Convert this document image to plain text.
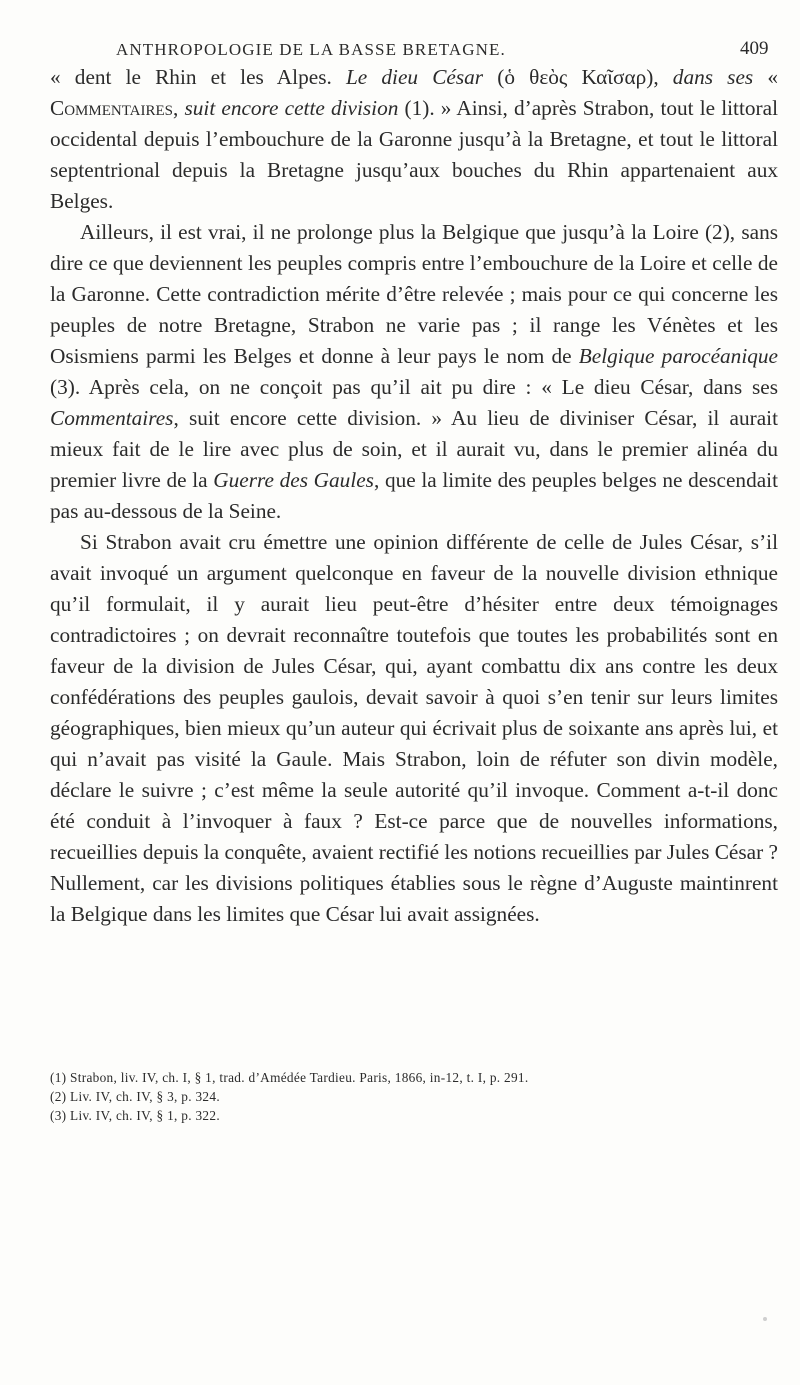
ANTHROPOLOGIE DE LA BASSE BRETAGNE.	409

« dent le Rhin et les Alpes. Le dieu César (ὁ θεὸς Καῖσαρ), dans ses « Commentaires, suit encore cette division (1). » Ainsi, d’après Strabon, tout le littoral occidental depuis l’embouchure de la Garonne jusqu’à la Bretagne, et tout le littoral septentrional depuis la Bretagne jusqu’aux bouches du Rhin appartenaient aux Belges.

Ailleurs, il est vrai, il ne prolonge plus la Belgique que jusqu’à la Loire (2), sans dire ce que deviennent les peuples compris entre l’embouchure de la Loire et celle de la Garonne. Cette contradiction mérite d’être relevée ; mais pour ce qui concerne les peuples de notre Bretagne, Strabon ne varie pas ; il range les Vénètes et les Osismiens parmi les Belges et donne à leur pays le nom de Belgique parocéanique (3). Après cela, on ne conçoit pas qu’il ait pu dire : « Le dieu César, dans ses Commentaires, suit encore cette division. » Au lieu de diviniser César, il aurait mieux fait de le lire avec plus de soin, et il aurait vu, dans le premier alinéa du premier livre de la Guerre des Gaules, que la limite des peuples belges ne descendait pas au-dessous de la Seine.

Si Strabon avait cru émettre une opinion différente de celle de Jules César, s’il avait invoqué un argument quelconque en faveur de la nouvelle division ethnique qu’il formulait, il y aurait lieu peut-être d’hésiter entre deux témoignages contradictoires ; on devrait reconnaître toutefois que toutes les probabilités sont en faveur de la division de Jules César, qui, ayant combattu dix ans contre les deux confédérations des peuples gaulois, devait savoir à quoi s’en tenir sur leurs limites géographiques, bien mieux qu’un auteur qui écrivait plus de soixante ans après lui, et qui n’avait pas visité la Gaule. Mais Strabon, loin de réfuter son divin modèle, déclare le suivre ; c’est même la seule autorité qu’il invoque. Comment a-t-il donc été conduit à l’invoquer à faux ? Est-ce parce que de nouvelles informations, recueillies depuis la conquête, avaient rectifié les notions recueillies par Jules César ? Nullement, car les divisions politiques établies sous le règne d’Auguste maintinrent la Belgique dans les limites que César lui avait assignées.

(1) Strabon, liv. IV, ch. I, § 1, trad. d’Amédée Tardieu. Paris, 1866, in-12, t. I, p. 291.

(2) Liv. IV, ch. IV, § 3, p. 324.

(3) Liv. IV, ch. IV, § 1, p. 322.
